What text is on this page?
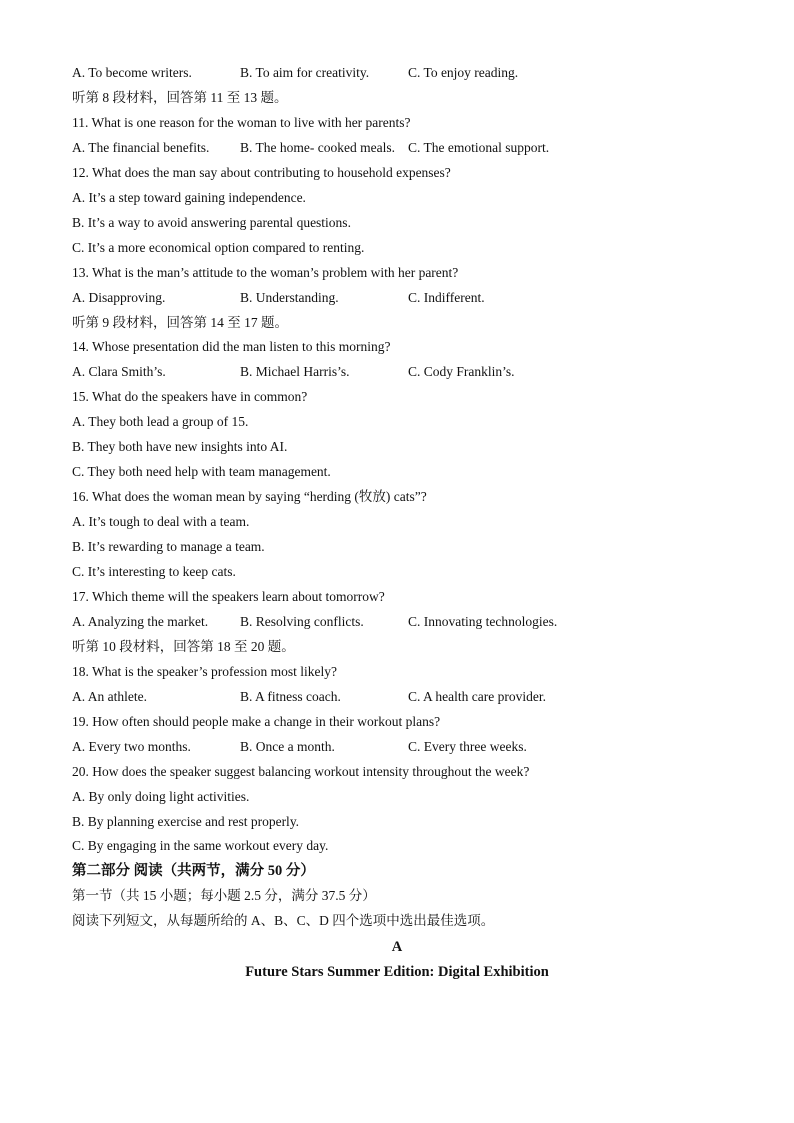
A. To become writers.	B. To aim for creativity.	C. To enjoy reading.
听第 8 段材料，回答第 11 至 13 题。
11. What is one reason for the woman to live with her parents?
A. The financial benefits. B. The home- cooked meals. C. The emotional support.
12. What does the man say about contributing to household expenses?
A. It’s a step toward gaining independence.
B. It’s a way to avoid answering parental questions.
C. It’s a more economical option compared to renting.
13. What is the man’s attitude to the woman’s problem with her parent?
A. Disapproving.	B. Understanding.	C. Indifferent.
听第 9 段材料，回答第 14 至 17 题。
14. Whose presentation did the man listen to this morning?
A. Clara Smith’s.	B. Michael Harris’s.	C. Cody Franklin’s.
15. What do the speakers have in common?
A. They both lead a group of 15.
B. They both have new insights into AI.
C. They both need help with team management.
16. What does the woman mean by saying “herding (牧放) cats”?
A. It’s tough to deal with a team.
B. It’s rewarding to manage a team.
C. It’s interesting to keep cats.
17. Which theme will the speakers learn about tomorrow?
A. Analyzing the market. B. Resolving conflicts.	C. Innovating technologies.
听第 10 段材料，回答第 18 至 20 题。
18. What is the speaker’s profession most likely?
A. An athlete.	B. A fitness coach.	C. A health care provider.
19. How often should people make a change in their workout plans?
A. Every two months.	B. Once a month.	C. Every three weeks.
20. How does the speaker suggest balancing workout intensity throughout the week?
A. By only doing light activities.
B. By planning exercise and rest properly.
C. By engaging in the same workout every day.
第二部分 阅读（共两节，满分 50 分）
第一节（共 15 小题；每小题 2.5 分，满分 37.5 分）
阅读下列短文，从每题所给的 A、B、C、D 四个选项中选出最佳选项。
A
Future Stars Summer Edition: Digital Exhibition
